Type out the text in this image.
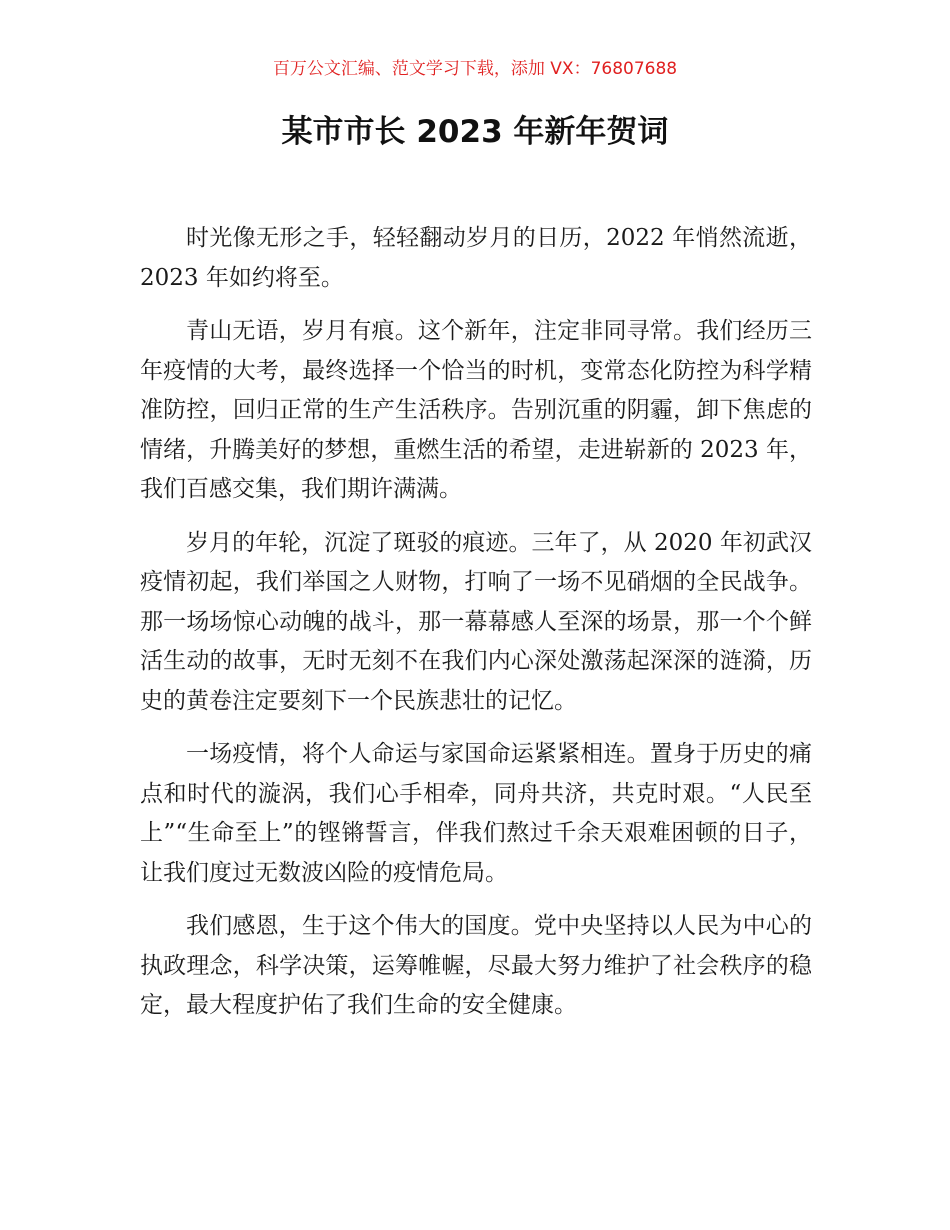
百万公文汇编、范文学习下载，添加 VX：76807688
某市市长 2023 年新年贺词

时光像无形之手，轻轻翻动岁月的日历，2022 年悄然流逝，2023 年如约将至。

青山无语，岁月有痕。这个新年，注定非同寻常。我们经历三年疫情的大考，最终选择一个恰当的时机，变常态化防控为科学精准防控，回归正常的生产生活秩序。告别沉重的阴霾，卸下焦虑的情绪，升腾美好的梦想，重燃生活的希望，走进崭新的 2023 年，我们百感交集，我们期许满满。

岁月的年轮，沉淀了斑驳的痕迹。三年了，从 2020 年初武汉疫情初起，我们举国之人财物，打响了一场不见硝烟的全民战争。那一场场惊心动魄的战斗，那一幕幕感人至深的场景，那一个个鲜活生动的故事，无时无刻不在我们内心深处激荡起深深的涟漪，历史的黄卷注定要刻下一个民族悲壮的记忆。

一场疫情，将个人命运与家国命运紧紧相连。置身于历史的痛点和时代的漩涡，我们心手相牵，同舟共济，共克时艰。“人民至上”“生命至上”的铿锵誓言，伴我们熬过千余天艰难困顿的日子，让我们度过无数波凶险的疫情危局。

我们感恩，生于这个伟大的国度。党中央坚持以人民为中心的执政理念，科学决策，运筹帷幄，尽最大努力维护了社会秩序的稳定，最大程度护佑了我们生命的安全健康。
